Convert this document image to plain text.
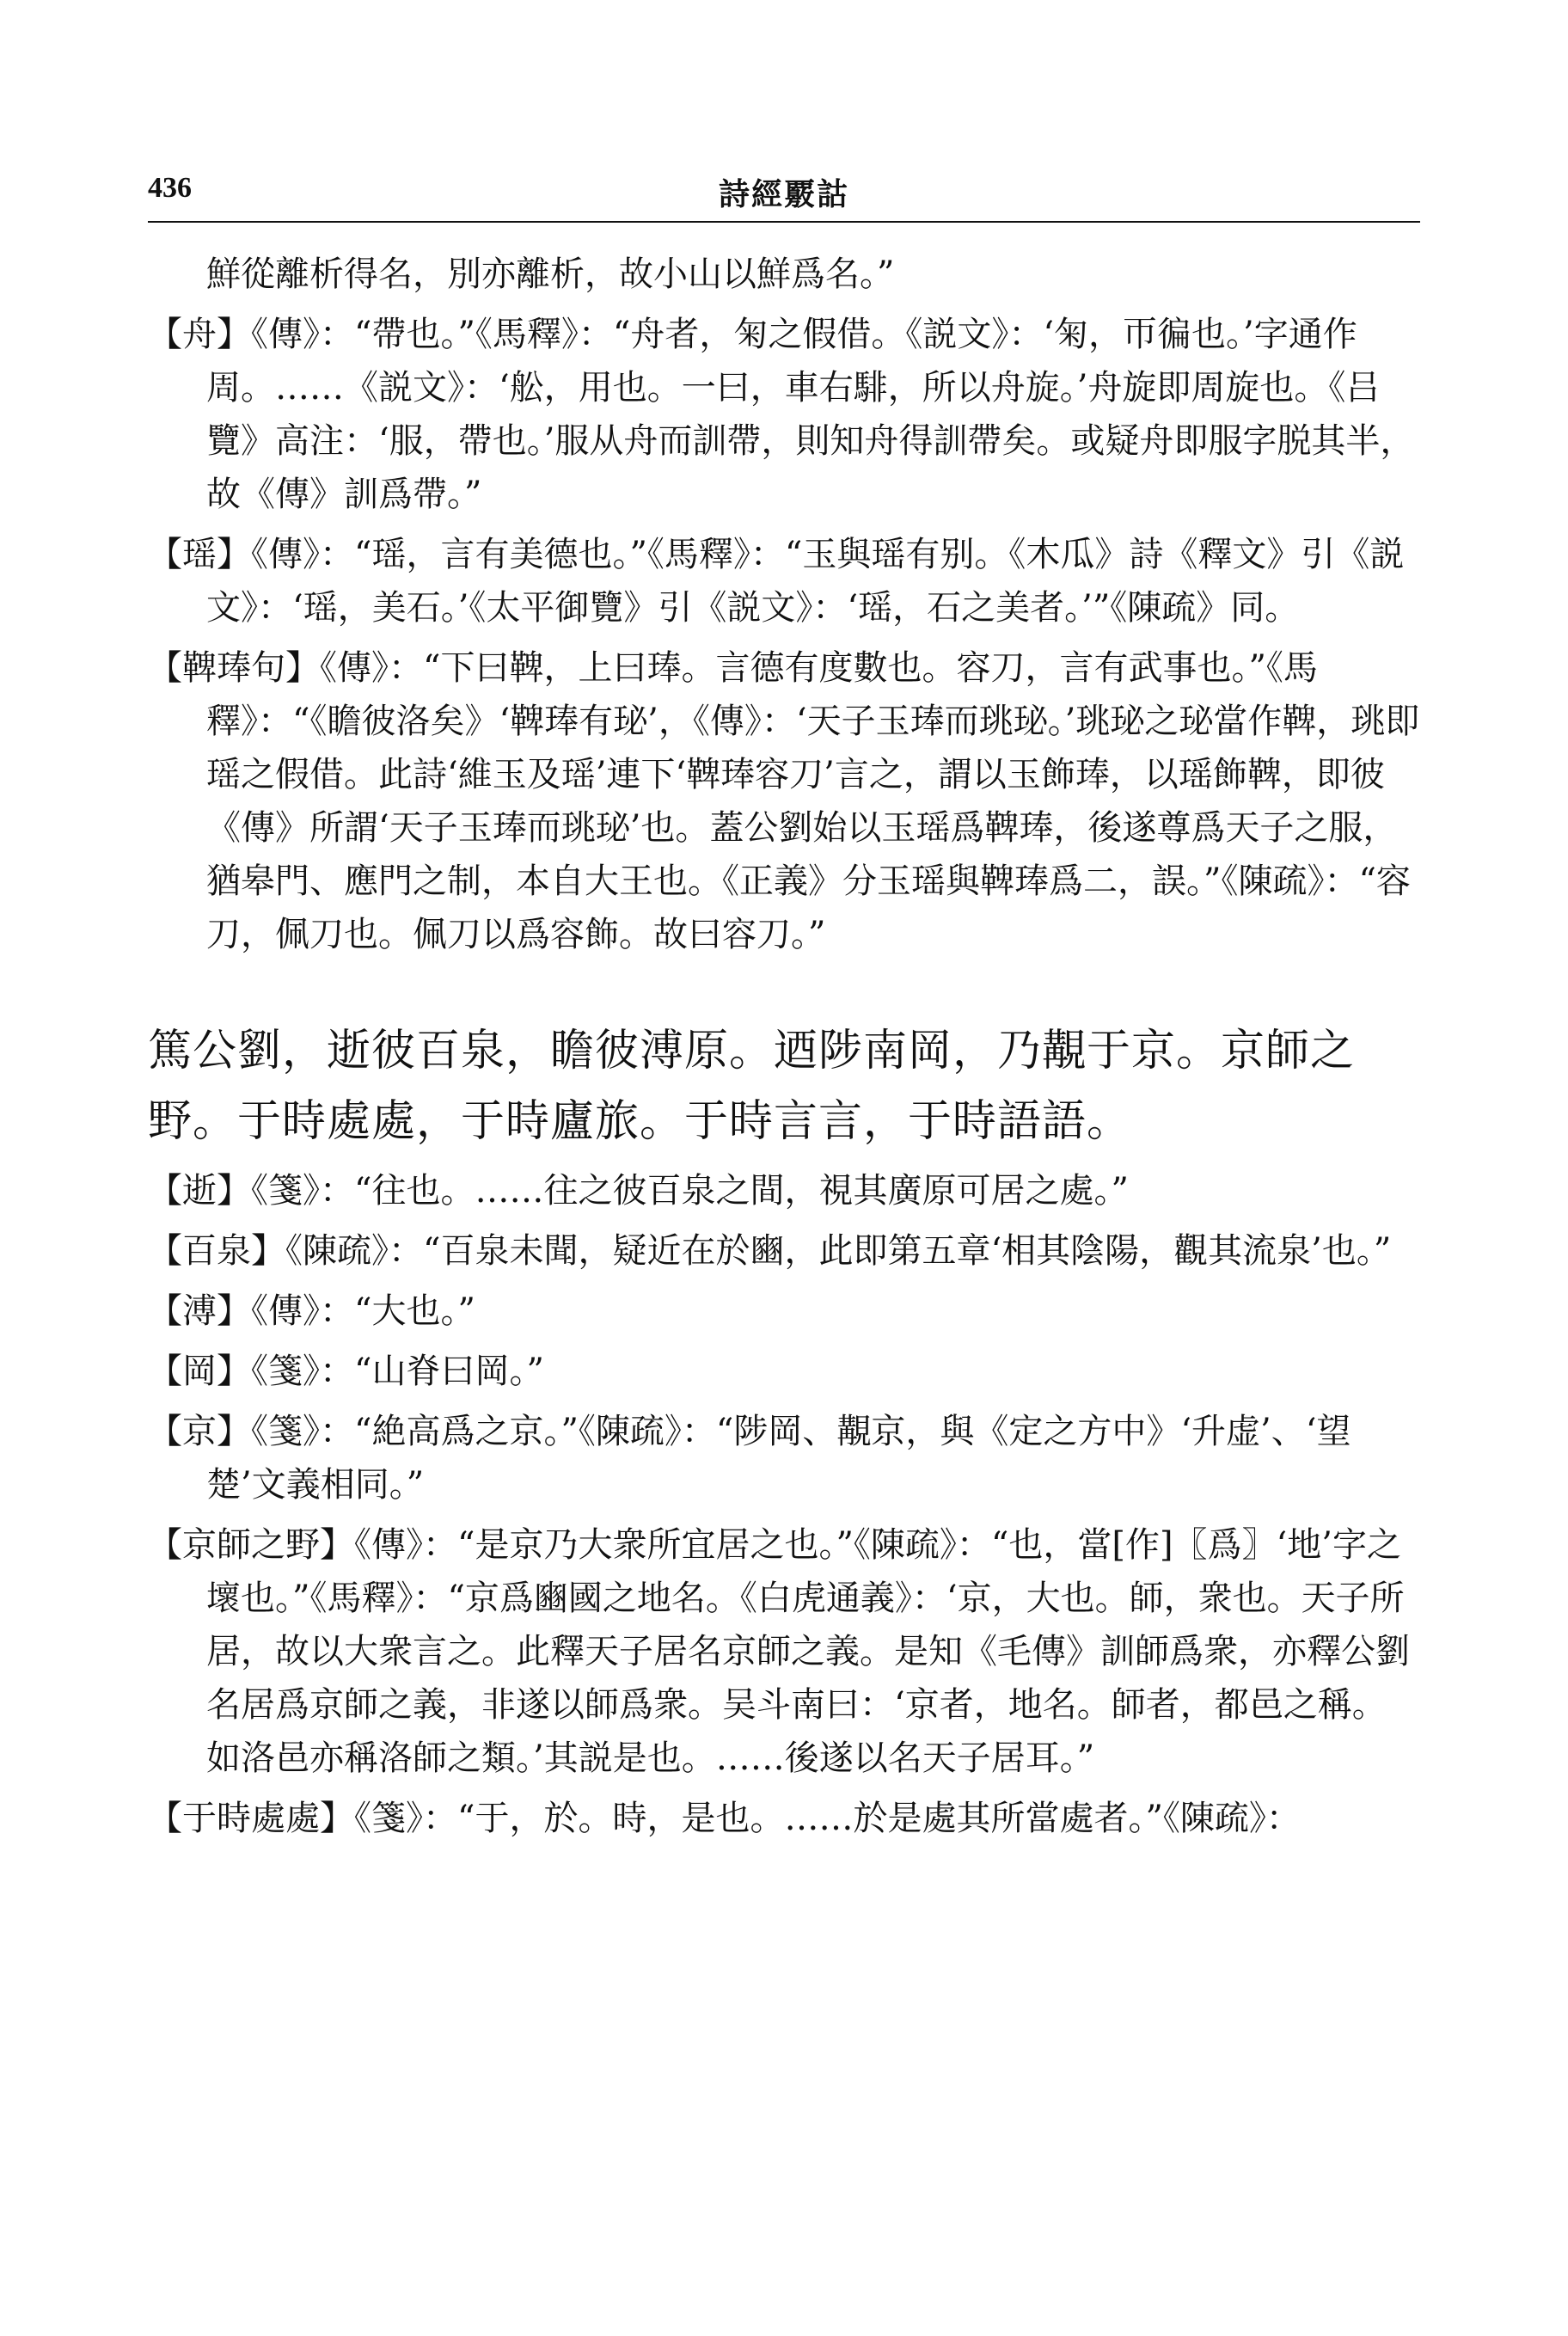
436	詩經覈詁

鮮從離析得名，別亦離析，故小山以鮮爲名。”

【舟】《傳》：“帶也。”《馬釋》：“舟者，匊之假借。《説文》：‘匊，帀徧也。’字通作周。……《説文》：‘舩，用也。一曰，車右騑，所以舟旋。’舟旋即周旋也。《吕覽》高注：‘服，帶也。’服从舟而訓帶，則知舟得訓帶矣。或疑舟即服字脱其半，故《傳》訓爲帶。”

【瑶】《傳》：“瑶，言有美德也。”《馬釋》：“玉與瑶有别。《木瓜》詩《釋文》引《説文》：‘瑶，美石。’《太平御覽》引《説文》：‘瑶，石之美者。’”《陳疏》同。

【鞞琫句】《傳》：“下曰鞞，上曰琫。言德有度數也。容刀，言有武事也。”《馬釋》：“《瞻彼洛矣》‘鞞琫有珌’，《傳》：‘天子玉琫而珧珌。’珧珌之珌當作鞞，珧即瑶之假借。此詩‘維玉及瑶’連下‘鞞琫容刀’言之，謂以玉飾琫，以瑶飾鞞，即彼《傳》所謂‘天子玉琫而珧珌’也。蓋公劉始以玉瑶爲鞞琫，後遂尊爲天子之服，猶皋門、應門之制，本自大王也。《正義》分玉瑶與鞞琫爲二，誤。”《陳疏》：“容刀，佩刀也。佩刀以爲容飾。故曰容刀。”

篤公劉，逝彼百泉，瞻彼溥原。迺陟南岡，乃覯于京。京師之野。于時處處，于時廬旅。于時言言，于時語語。

【逝】《箋》：“往也。……往之彼百泉之間，視其廣原可居之處。”

【百泉】《陳疏》：“百泉未聞，疑近在於豳，此即第五章‘相其陰陽，觀其流泉’也。”

【溥】《傳》：“大也。”

【岡】《箋》：“山脊曰岡。”

【京】《箋》：“絶高爲之京。”《陳疏》：“陟岡、覯京，與《定之方中》‘升虚’、‘望楚’文義相同。”

【京師之野】《傳》：“是京乃大衆所宜居之也。”《陳疏》：“也，當[作]〖爲〗‘地’字之壞也。”《馬釋》：“京爲豳國之地名。《白虎通義》：‘京，大也。師，衆也。天子所居，故以大衆言之。此釋天子居名京師之義。是知《毛傳》訓師爲衆，亦釋公劉名居爲京師之義，非遂以師爲衆。吴斗南曰：‘京者，地名。師者，都邑之稱。如洛邑亦稱洛師之類。’其説是也。……後遂以名天子居耳。”

【于時處處】《箋》：“于，於。時，是也。……於是處其所當處者。”《陳疏》：
